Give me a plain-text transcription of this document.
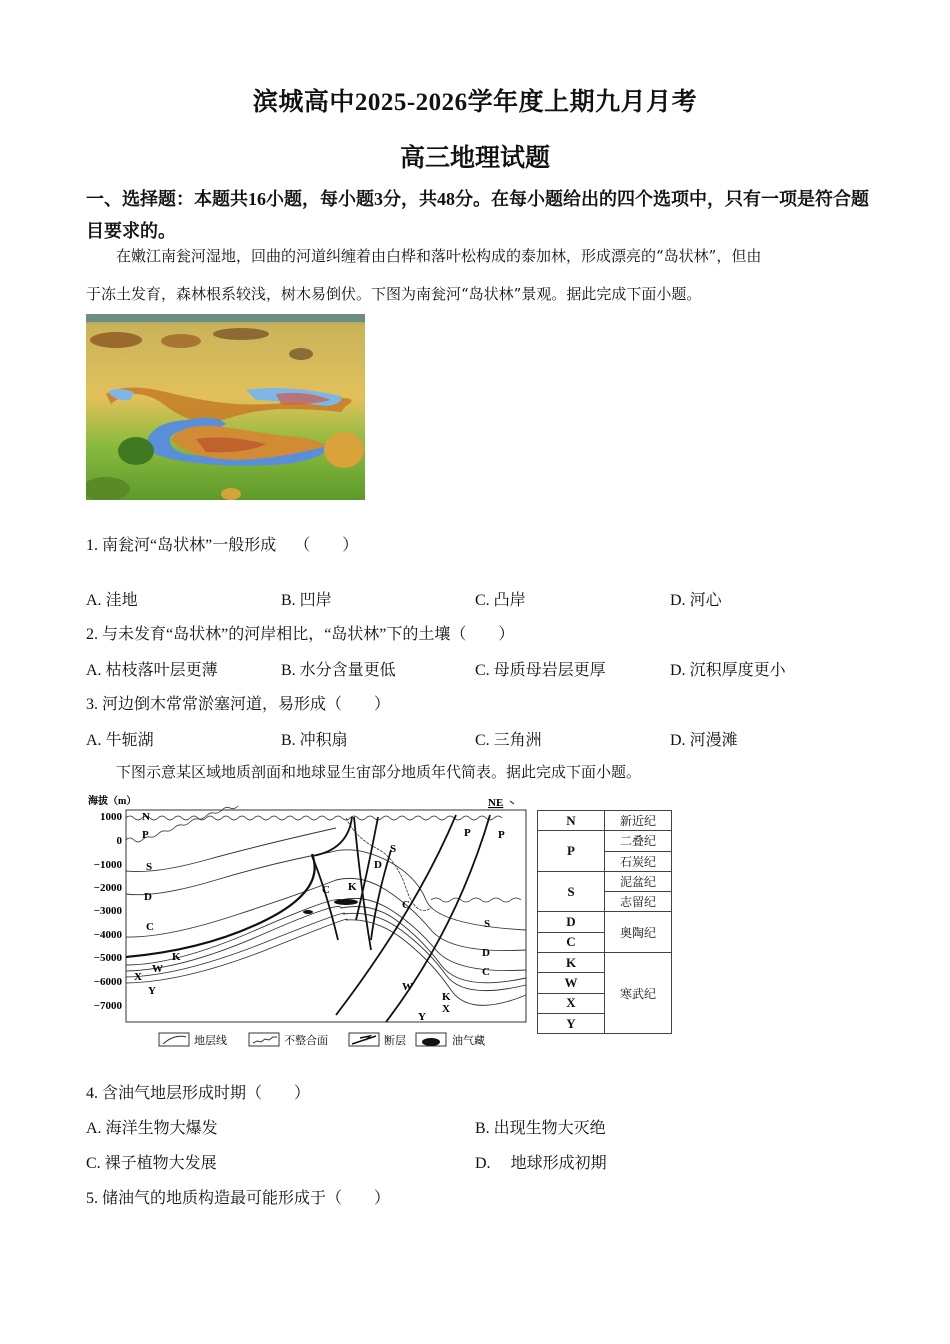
滨城高中2025-2026学年度上期九月月考
高三地理试题
一、选择题：本题共16小题，每小题3分，共48分。在每小题给出的四个选项中，只有一项是符合题目要求的。

在嫩江南瓮河湿地，回曲的河道纠缠着由白桦和落叶松构成的泰加林，形成漂亮的“岛状林”，但由

于冻土发育，森林根系较浅，树木易倒伏。下图为南瓮河“岛状林”景观。据此完成下面小题。

1. 南瓮河“岛状林”一般形成 （　　）
A. 洼地	B. 凹岸	C. 凸岸	D. 河心
2. 与未发育“岛状林”的河岸相比，“岛状林”下的土壤（　　）
A. 枯枝落叶层更薄	B. 水分含量更低	C. 母质母岩层更厚	D. 沉积厚度更小
3. 河边倒木常常淤塞河道，易形成（　　）
A. 牛轭湖	B. 冲积扇	C. 三角洲	D. 河漫滩

下图示意某区域地质剖面和地球显生宙部分地质年代简表。据此完成下面小题。

海拔（m）	NE
1000
0
−1000
−2000
−3000
−4000
−5000
−6000
−7000
N
P
S
D
C
K
W
X
Y
C K
D
S
C
P P
S
D
C
W
K
X
Y
地层线	不整合面	断层	油气藏
N	新近纪
P	二叠纪
	石炭纪
S	泥盆纪
	志留纪
D	奥陶纪
C	
K	寒武纪
W	
X	
Y	
4. 含油气地层形成时期（　　）
A. 海洋生物大爆发	B. 出现生物大灭绝
C. 裸子植物大发展	D. 　地球形成初期
5. 储油气的地质构造最可能形成于（　　）
